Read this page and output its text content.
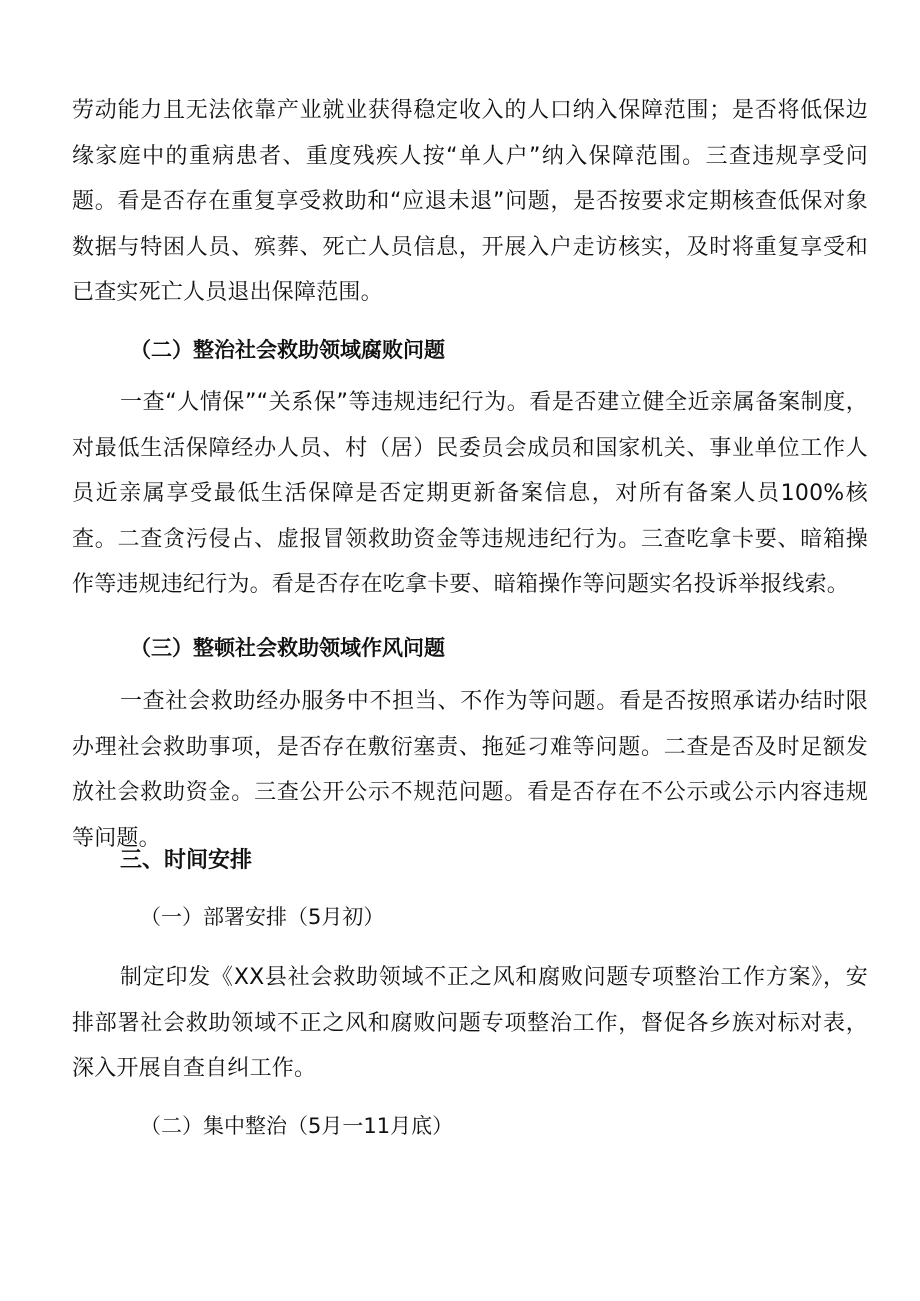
劳动能力且无法依靠产业就业获得稳定收入的人口纳入保障范围；是否将低保边缘家庭中的重病患者、重度残疾人按“单人户”纳入保障范围。三查违规享受问题。看是否存在重复享受救助和“应退未退”问题，是否按要求定期核查低保对象数据与特困人员、殡葬、死亡人员信息，开展入户走访核实，及时将重复享受和已查实死亡人员退出保障范围。

（二）整治社会救助领域腐败问题

一查“人情保”“关系保”等违规违纪行为。看是否建立健全近亲属备案制度，对最低生活保障经办人员、村（居）民委员会成员和国家机关、事业单位工作人员近亲属享受最低生活保障是否定期更新备案信息，对所有备案人员100%核查。二查贪污侵占、虚报冒领救助资金等违规违纪行为。三查吃拿卡要、暗箱操作等违规违纪行为。看是否存在吃拿卡要、暗箱操作等问题实名投诉举报线索。

（三）整顿社会救助领域作风问题

一查社会救助经办服务中不担当、不作为等问题。看是否按照承诺办结时限办理社会救助事项，是否存在敷衍塞责、拖延刁难等问题。二查是否及时足额发放社会救助资金。三查公开公示不规范问题。看是否存在不公示或公示内容违规等问题。

三、时间安排

（一）部署安排（5月初）

制定印发《XX县社会救助领域不正之风和腐败问题专项整治工作方案》，安排部署社会救助领域不正之风和腐败问题专项整治工作，督促各乡族对标对表，深入开展自查自纠工作。

（二）集中整治（5月一11月底）
